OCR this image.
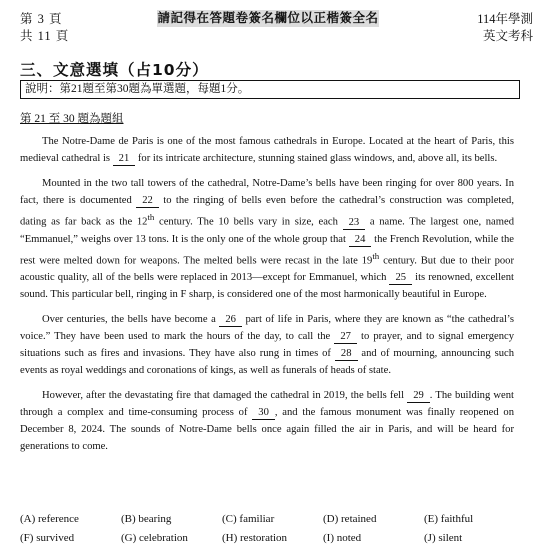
第 3 頁
共 11 頁
請記得在答題卷簽名欄位以正楷簽全名	114年學測
英文考科
三、文意選填（占10分）
說明：第21題至第30題為單選題，每題1分。
第 21 至 30 題為題組

The Notre-Dame de Paris is one of the most famous cathedrals in Europe. Located at the heart of Paris, this medieval cathedral is 21 for its intricate architecture, stunning stained glass windows, and, above all, its bells.

Mounted in the two tall towers of the cathedral, Notre-Dame’s bells have been ringing for over 800 years. In fact, there is documented 22 to the ringing of bells even before the cathedral’s construction was completed, dating as far back as the 12th century. The 10 bells vary in size, each 23 a name. The largest one, named “Emmanuel,” weighs over 13 tons. It is the only one of the whole group that 24 the French Revolution, while the rest were melted down for weapons. The melted bells were recast in the late 19th century. But due to their poor acoustic quality, all of the bells were replaced in 2013—except for Emmanuel, which 25 its renowned, excellent sound. This particular bell, ringing in F sharp, is considered one of the most harmonically beautiful in Europe.

Over centuries, the bells have become a 26 part of life in Paris, where they are known as “the cathedral’s voice.” They have been used to mark the hours of the day, to call the 27 to prayer, and to signal emergency situations such as fires and invasions. They have also rung in times of 28 and of mourning, announcing such events as royal weddings and coronations of kings, as well as funerals of heads of state.

However, after the devastating fire that damaged the cathedral in 2019, the bells fell 29 . The building went through a complex and time-consuming process of 30 , and the famous monument was finally reopened on December 8, 2024. The sounds of Notre-Dame bells once again filled the air in Paris, and will be heard for generations to come.

(A) reference	(B) bearing	(C) familiar	(D) retained	(E) faithful
(F) survived	(G) celebration	(H) restoration	(I) noted	(J) silent
